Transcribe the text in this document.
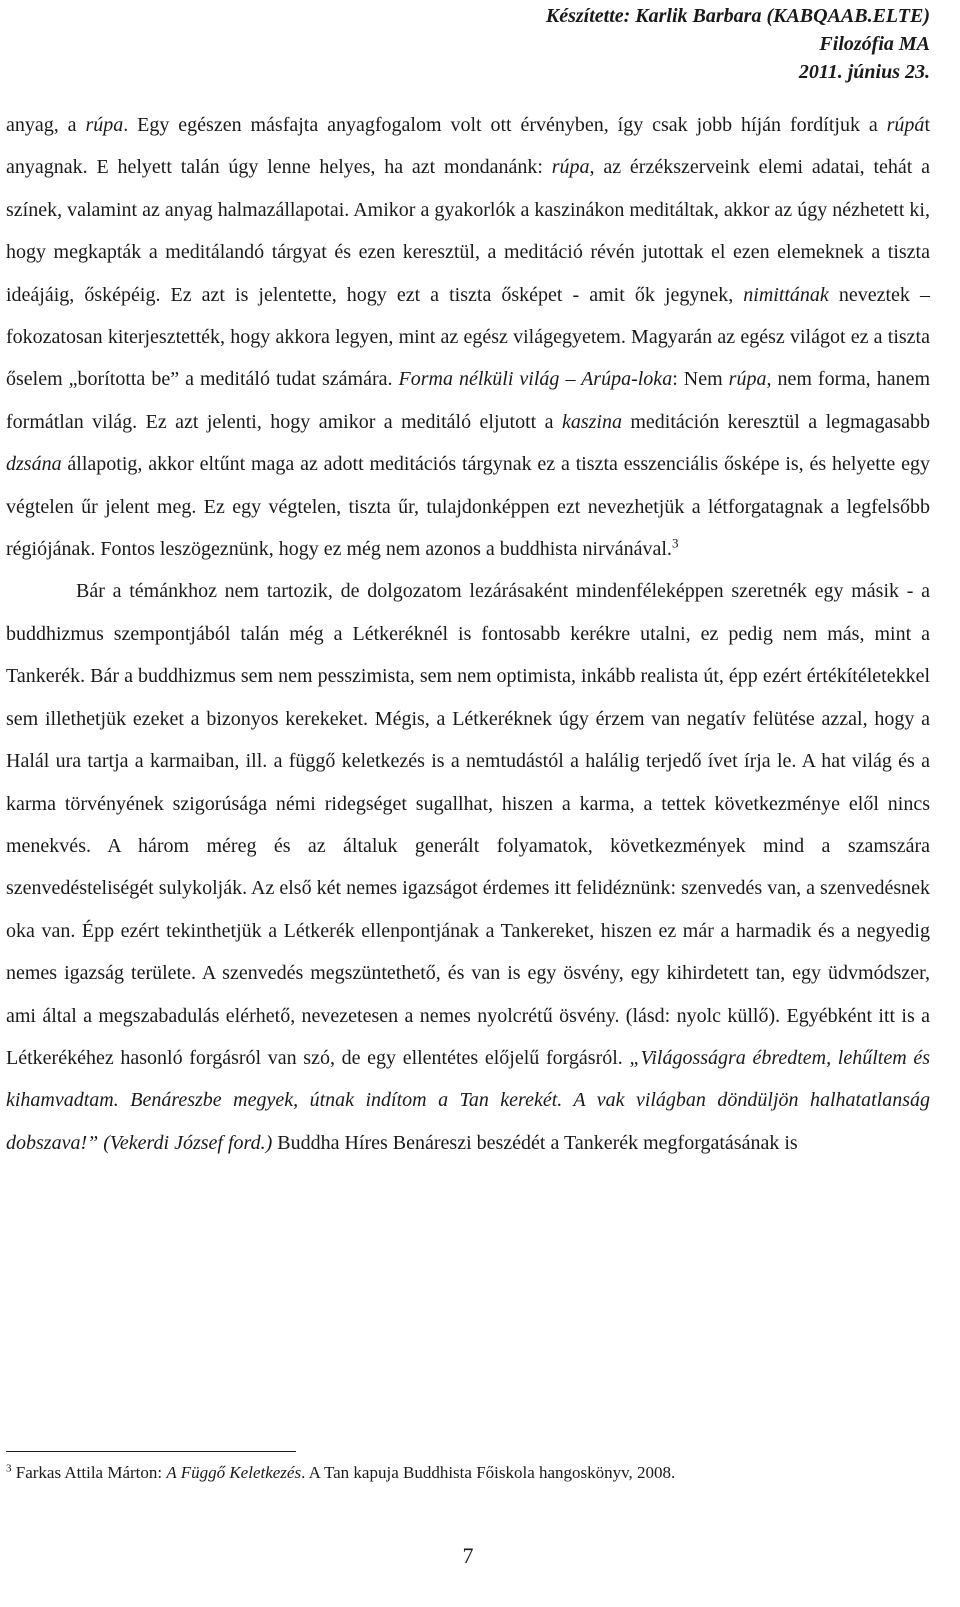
Készítette: Karlik Barbara (KABQAAB.ELTE)
Filozófia MA
2011. június 23.

anyag, a rúpa. Egy egészen másfajta anyagfogalom volt ott érvényben, így csak jobb híján fordítjuk a rúpát anyagnak. E helyett talán úgy lenne helyes, ha azt mondanánk: rúpa, az érzékszerveink elemi adatai, tehát a színek, valamint az anyag halmazállapotai. Amikor a gyakorlók a kaszinákon meditáltak, akkor az úgy nézhetett ki, hogy megkapták a meditálandó tárgyat és ezen keresztül, a meditáció révén jutottak el ezen elemeknek a tiszta ideájáig, ősképéig. Ez azt is jelentette, hogy ezt a tiszta ősképet - amit ők jegynek, nimittának neveztek – fokozatosan kiterjesztették, hogy akkora legyen, mint az egész világegyetem. Magyarán az egész világot ez a tiszta őselem „borította be” a meditáló tudat számára. Forma nélküli világ – Arúpa-loka: Nem rúpa, nem forma, hanem formátlan világ. Ez azt jelenti, hogy amikor a meditáló eljutott a kaszina meditáción keresztül a legmagasabb dzsána állapotig, akkor eltűnt maga az adott meditációs tárgynak ez a tiszta esszenciális ősképe is, és helyette egy végtelen űr jelent meg. Ez egy végtelen, tiszta űr, tulajdonképpen ezt nevezhetjük a létforgatagnak a legfelsőbb régiójának. Fontos leszögeznünk, hogy ez még nem azonos a buddhista nirvánával.$^3$

Bár a témánkhoz nem tartozik, de dolgozatom lezárásaként mindenféleképpen szeretnék egy másik - a buddhizmus szempontjából talán még a Létkeréknél is fontosabb kerékre utalni, ez pedig nem más, mint a Tankerék. Bár a buddhizmus sem nem pesszimista, sem nem optimista, inkább realista út, épp ezért értékítéletekkel sem illethetjük ezeket a bizonyos kerekeket. Mégis, a Létkeréknek úgy érzem van negatív felütése azzal, hogy a Halál ura tartja a karmaiban, ill. a függő keletkezés is a nemtudástól a halálig terjedő ívet írja le. A hat világ és a karma törvényének szigorúsága némi ridegséget sugallhat, hiszen a karma, a tettek következménye elől nincs menekvés. A három méreg és az általuk generált folyamatok, következmények mind a szamszára szenvedésteliségét sulykolják. Az első két nemes igazságot érdemes itt felidéznünk: szenvedés van, a szenvedésnek oka van. Épp ezért tekinthetjük a Létkerék ellenpontjának a Tankereket, hiszen ez már a harmadik és a negyedig nemes igazság területe. A szenvedés megszüntethető, és van is egy ösvény, egy kihirdetett tan, egy üdvmódszer, ami által a megszabadulás elérhető, nevezetesen a nemes nyolcrétű ösvény. (lásd: nyolc küllő). Egyébként itt is a Létkerékéhez hasonló forgásról van szó, de egy ellentétes előjelű forgásról. „Világosságra ébredtem, lehűltem és kihamvadtam. Benáreszbe megyek, útnak indítom a Tan kerekét. A vak világban döndüljön halhatatlanság dobszava!” (Vekerdi József ford.) Buddha Híres Benáreszi beszédét a Tankerék megforgatásának is

$^3$ Farkas Attila Márton: A Függő Keletkezés. A Tan kapuja Buddhista Főiskola hangoskönyv, 2008.
7
